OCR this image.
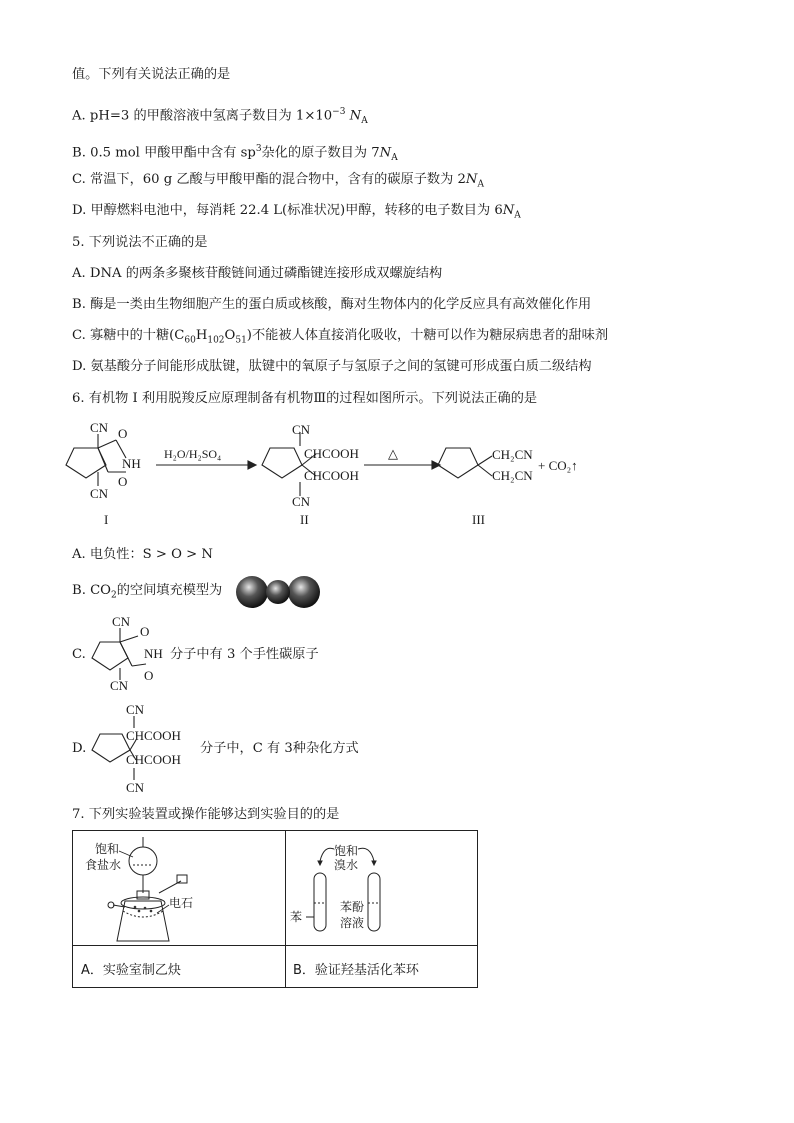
值。下列有关说法正确的是
A. pH=3 的甲酸溶液中氢离子数目为 $1\times 10^{-3}$ $N_A$
B. 0.5 mol 甲酸甲酯中含有 $sp^3$杂化的原子数目为 $7N_A$
C. 常温下，60 g 乙酸与甲酸甲酯的混合物中，含有的碳原子数为 $2N_A$
D. 甲醇燃料电池中，每消耗 22.4 L(标准状况)甲醇，转移的电子数目为 $6N_A$
5. 下列说法不正确的是
A. DNA 的两条多聚核苷酸链间通过磷酯键连接形成双螺旋结构
B. 酶是一类由生物细胞产生的蛋白质或核酸，酶对生物体内的化学反应具有高效催化作用
C. 寡糖中的十糖$(C_{60}H_{102}O_{51})$不能被人体直接消化吸收，十糖可以作为糖尿病患者的甜味剂
D. 氨基酸分子间能形成肽键，肽键中的氧原子与氢原子之间的氢键可形成蛋白质二级结构
6. 有机物 I 利用脱羧反应原理制备有机物Ⅲ的过程如图所示。下列说法正确的是
CN O
NH
O
CN
I
H₂O/H₂SO₄
CN
CHCOOH
CHCOOH
CN
II
△	CH₂CN
CH₂CN
+ CO₂↑
III
A. 电负性：S > O > N
B. $CO_2$的空间填充模型为
C.
CN
O
NH
O
CN
分子中有 3 个手性碳原子
D.
CN
CHCOOH
CHCOOH
CN
分子中，C 有 3种杂化方式
7. 下列实验装置或操作能够达到实验目的的是
饱和
食盐水
电石
饱和
溴水
苯
苯酚
溶液
A．实验室制乙炔	B．验证羟基活化苯环
